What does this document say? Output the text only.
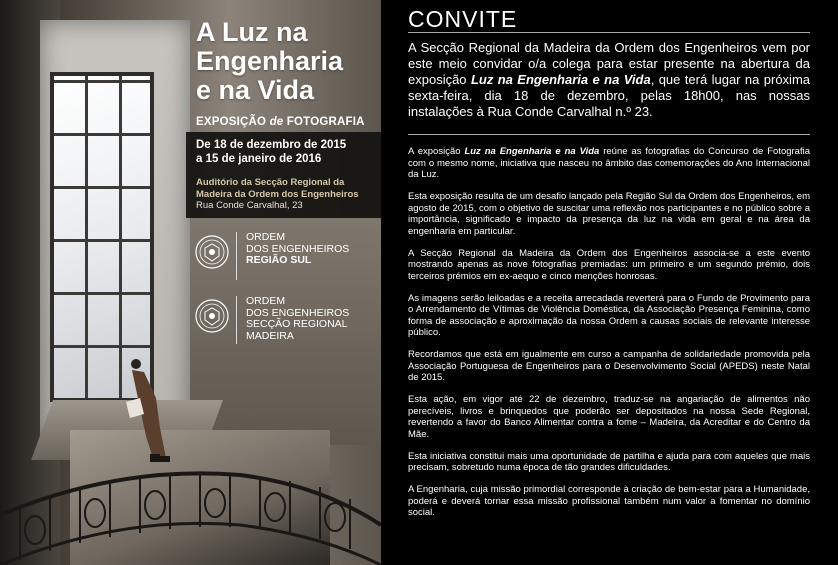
A Luz na
Engenharia
e na Vida
EXPOSIÇÃO de FOTOGRAFIA
De 18 de dezembro de 2015
a 15 de janeiro de 2016
Auditório da Secção Regional da
Madeira da Ordem dos Engenheiros
Rua Conde Carvalhal, 23
ORDEM
DOS ENGENHEIROS
REGIÃO SUL
ORDEM
DOS ENGENHEIROS
SECÇÃO REGIONAL
MADEIRA
CONVITE
A Secção Regional da Madeira da Ordem dos Engenheiros vem por este meio convidar o/a colega para estar presente na abertura da exposição Luz na Engenharia e na Vida, que terá lugar na próxima sexta-feira, dia 18 de dezembro, pelas 18h00, nas nossas instalações à Rua Conde Carvalhal n.º 23.

A exposição Luz na Engenharia e na Vida reúne as fotografias do Concurso de Fotografia com o mesmo nome, iniciativa que nasceu no âmbito das comemorações do Ano Internacional da Luz.

Esta exposição resulta de um desafio lançado pela Região Sul da Ordem dos Engenheiros, em agosto de 2015, com o objetivo de suscitar uma reflexão nos participantes e no público sobre a importância, significado e impacto da presença da luz na vida em geral e na área da engenharia em particular.

A Secção Regional da Madeira da Ordem dos Engenheiros associa-se a este evento mostrando apenas as nove fotografias premiadas: um primeiro e um segundo prémio, dois terceiros prémios em ex-aequo e cinco menções honrosas.

As imagens serão leiloadas e a receita arrecadada reverterá para o Fundo de Provimento para o Arrendamento de Vítimas de Violência Doméstica, da Associação Presença Feminina, como forma de associação e aproximação da nossa Ordem a causas sociais de relevante interesse público.

Recordamos que está em igualmente em curso a campanha de solidariedade promovida pela Associação Portuguesa de Engenheiros para o Desenvolvimento Social (APEDS) neste Natal de 2015.

Esta ação, em vigor até 22 de dezembro, traduz-se na angariação de alimentos não perecíveis, livros e brinquedos que poderão ser depositados na nossa Sede Regional, revertendo a favor do Banco Alimentar contra a fome – Madeira, da Acreditar e do Centro da Mãe.

Esta iniciativa constitui mais uma oportunidade de partilha e ajuda para com aqueles que mais precisam, sobretudo numa época de tão grandes dificuldades.

A Engenharia, cuja missão primordial corresponde à criação de bem-estar para a Humanidade, poderá e deverá tornar essa missão profissional também num valor a fomentar no domínio social.
